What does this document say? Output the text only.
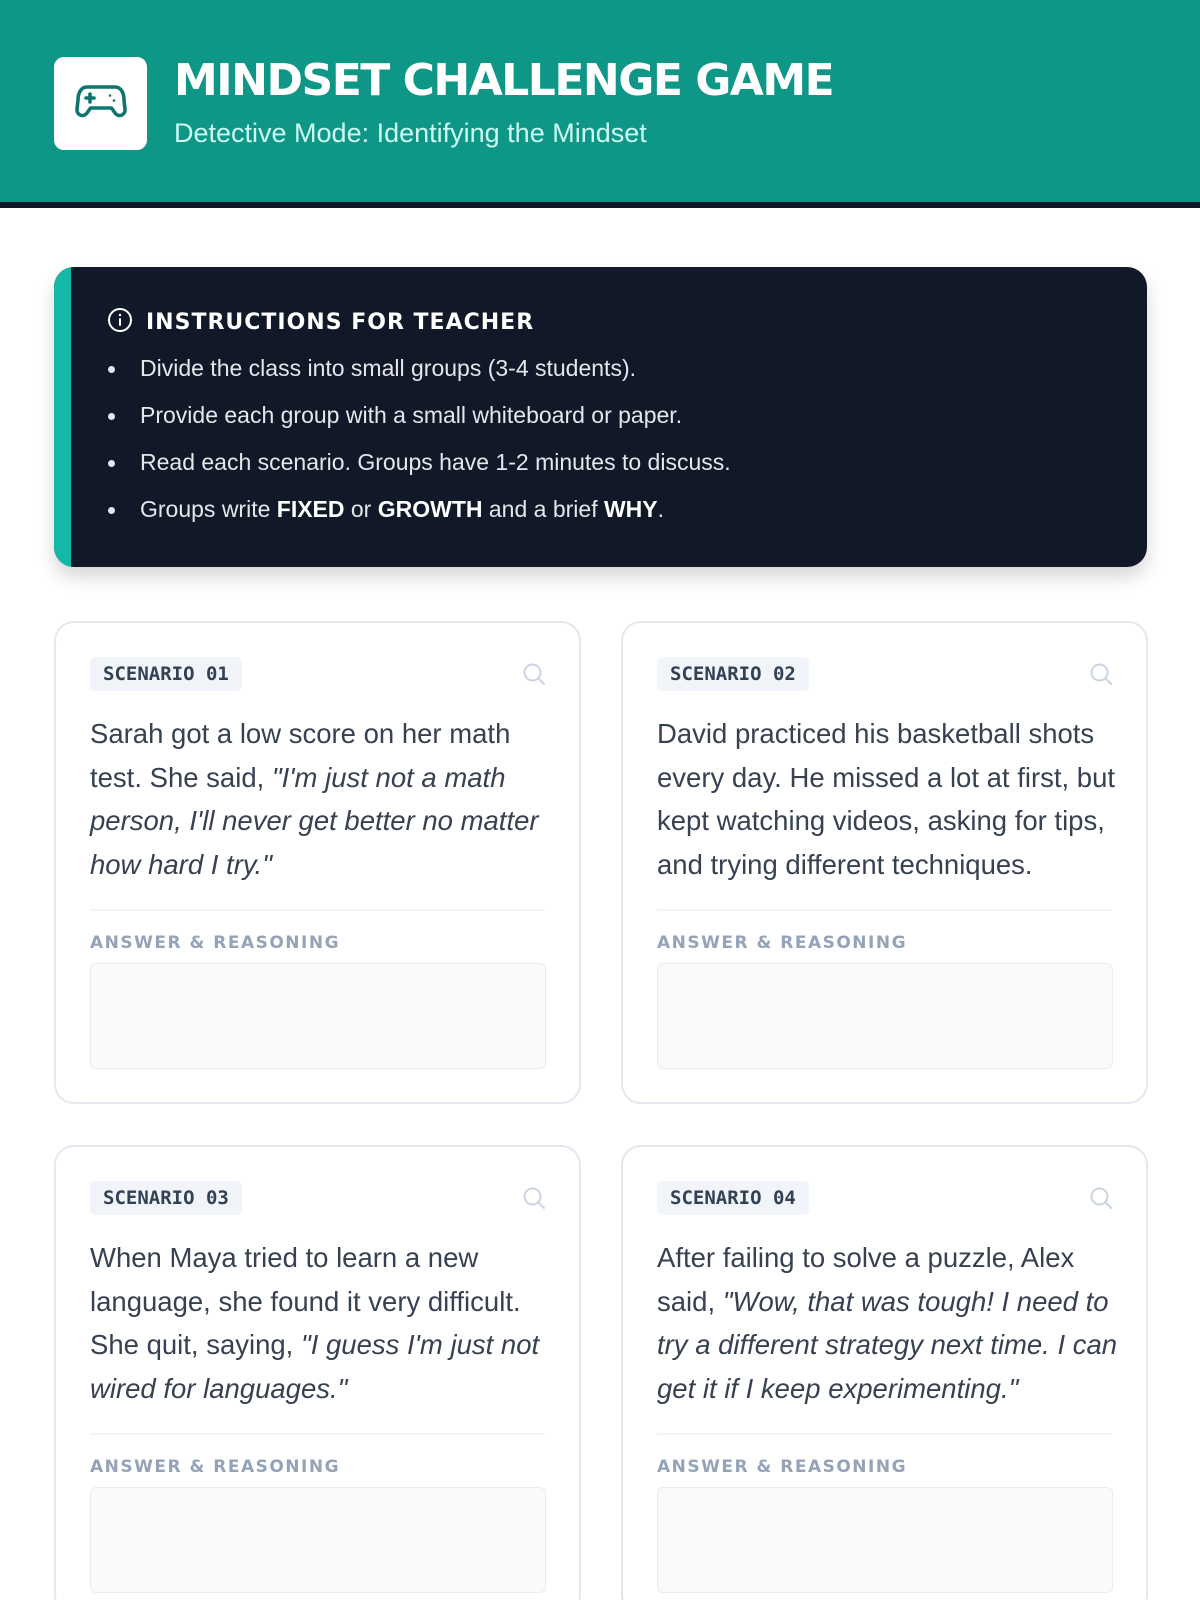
MINDSET CHALLENGE GAME
Detective Mode: Identifying the Mindset
INSTRUCTIONS FOR TEACHER
Divide the class into small groups (3-4 students).
Provide each group with a small whiteboard or paper.
Read each scenario. Groups have 1-2 minutes to discuss.
Groups write FIXED or GROWTH and a brief WHY.
SCENARIO 01

Sarah got a low score on her math test. She said, "I'm just not a math person, I'll never get better no matter how hard I try."

ANSWER & REASONING
SCENARIO 02

David practiced his basketball shots every day. He missed a lot at first, but kept watching videos, asking for tips, and trying different techniques.

ANSWER & REASONING
SCENARIO 03

When Maya tried to learn a new language, she found it very difficult. She quit, saying, "I guess I'm just not wired for languages."

ANSWER & REASONING
SCENARIO 04

After failing to solve a puzzle, Alex said, "Wow, that was tough! I need to try a different strategy next time. I can get it if I keep experimenting."

ANSWER & REASONING
